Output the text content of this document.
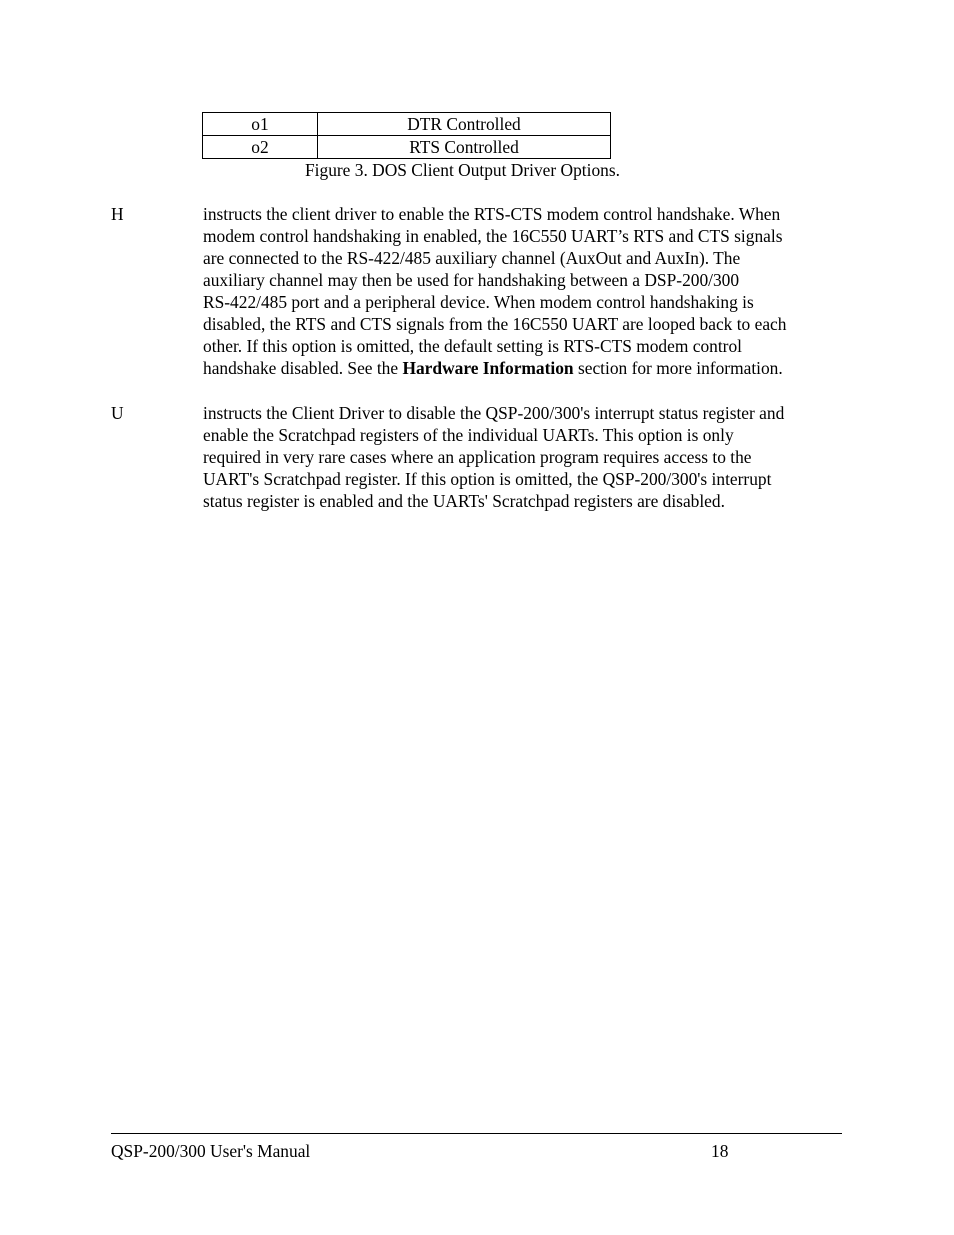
o1	DTR Controlled
o2	RTS Controlled
Figure 3. DOS Client Output Driver Options.
H	instructs the client driver to enable the RTS-CTS modem control handshake. When
modem control handshaking in enabled, the 16C550 UART’s RTS and CTS signals
are connected to the RS-422/485 auxiliary channel (AuxOut and AuxIn). The
auxiliary channel may then be used for handshaking between a DSP-200/300
RS-422/485 port and a peripheral device. When modem control handshaking is
disabled, the RTS and CTS signals from the 16C550 UART are looped back to each
other. If this option is omitted, the default setting is RTS-CTS modem control
handshake disabled. See the Hardware Information section for more information.
U	instructs the Client Driver to disable the QSP-200/300's interrupt status register and
enable the Scratchpad registers of the individual UARTs. This option is only
required in very rare cases where an application program requires access to the
UART's Scratchpad register. If this option is omitted, the QSP-200/300's interrupt
status register is enabled and the UARTs' Scratchpad registers are disabled.
QSP-200/300 User's Manual	18
